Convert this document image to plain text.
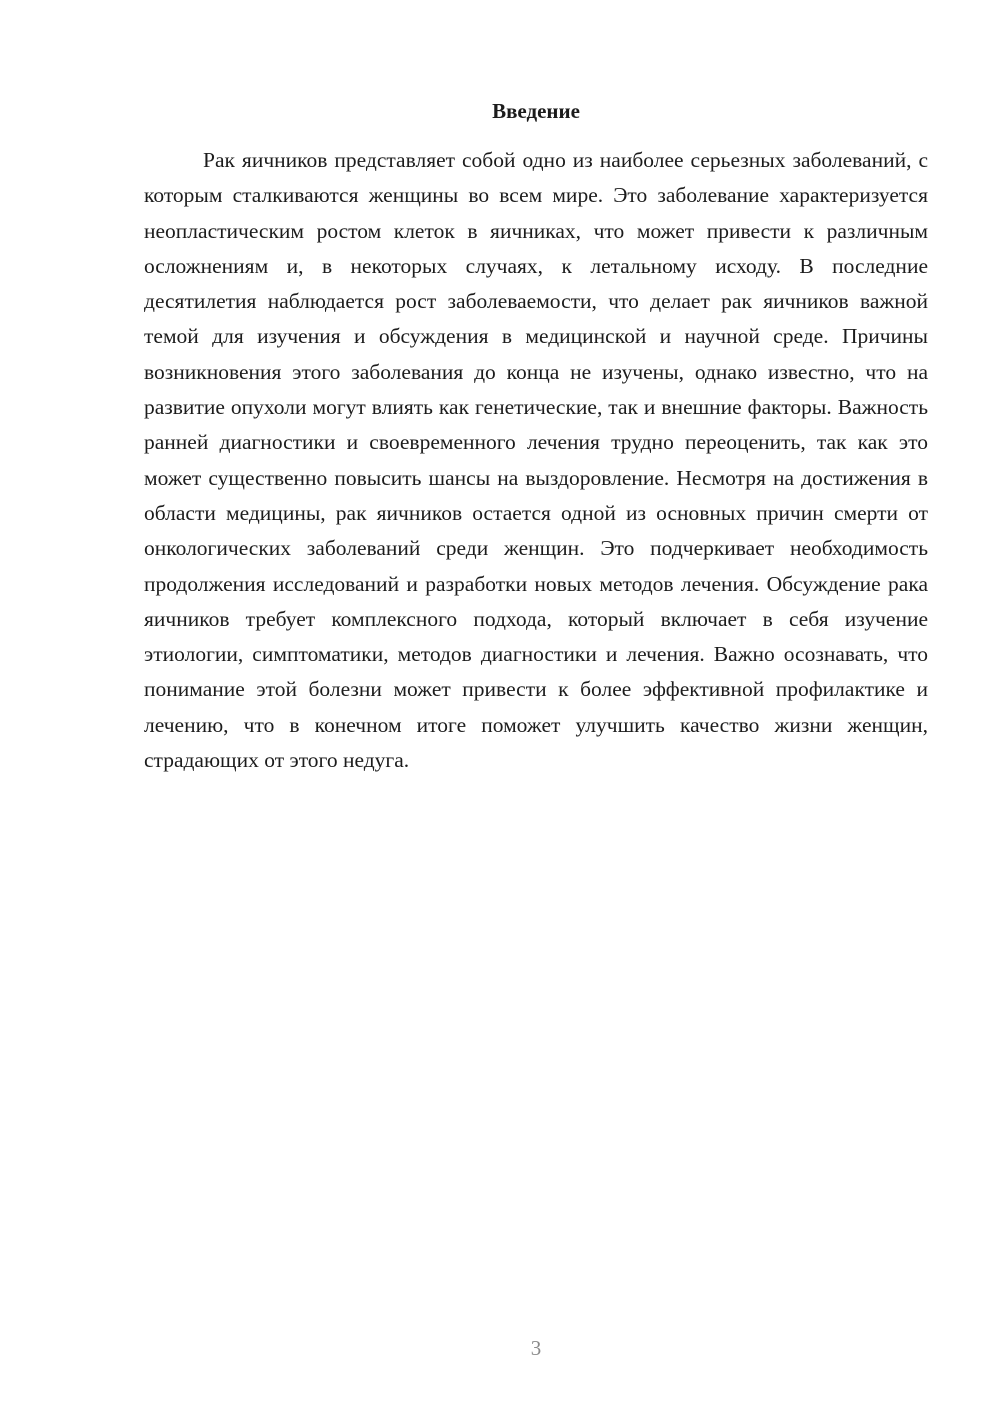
Введение

Рак яичников представляет собой одно из наиболее серьезных заболеваний, с которым сталкиваются женщины во всем мире. Это заболевание характеризуется неопластическим ростом клеток в яичниках, что может привести к различным осложнениям и, в некоторых случаях, к летальному исходу. В последние десятилетия наблюдается рост заболеваемости, что делает рак яичников важной темой для изучения и обсуждения в медицинской и научной среде. Причины возникновения этого заболевания до конца не изучены, однако известно, что на развитие опухоли могут влиять как генетические, так и внешние факторы. Важность ранней диагностики и своевременного лечения трудно переоценить, так как это может существенно повысить шансы на выздоровление. Несмотря на достижения в области медицины, рак яичников остается одной из основных причин смерти от онкологических заболеваний среди женщин. Это подчеркивает необходимость продолжения исследований и разработки новых методов лечения. Обсуждение рака яичников требует комплексного подхода, который включает в себя изучение этиологии, симптоматики, методов диагностики и лечения. Важно осознавать, что понимание этой болезни может привести к более эффективной профилактике и лечению, что в конечном итоге поможет улучшить качество жизни женщин, страдающих от этого недуга.

3
